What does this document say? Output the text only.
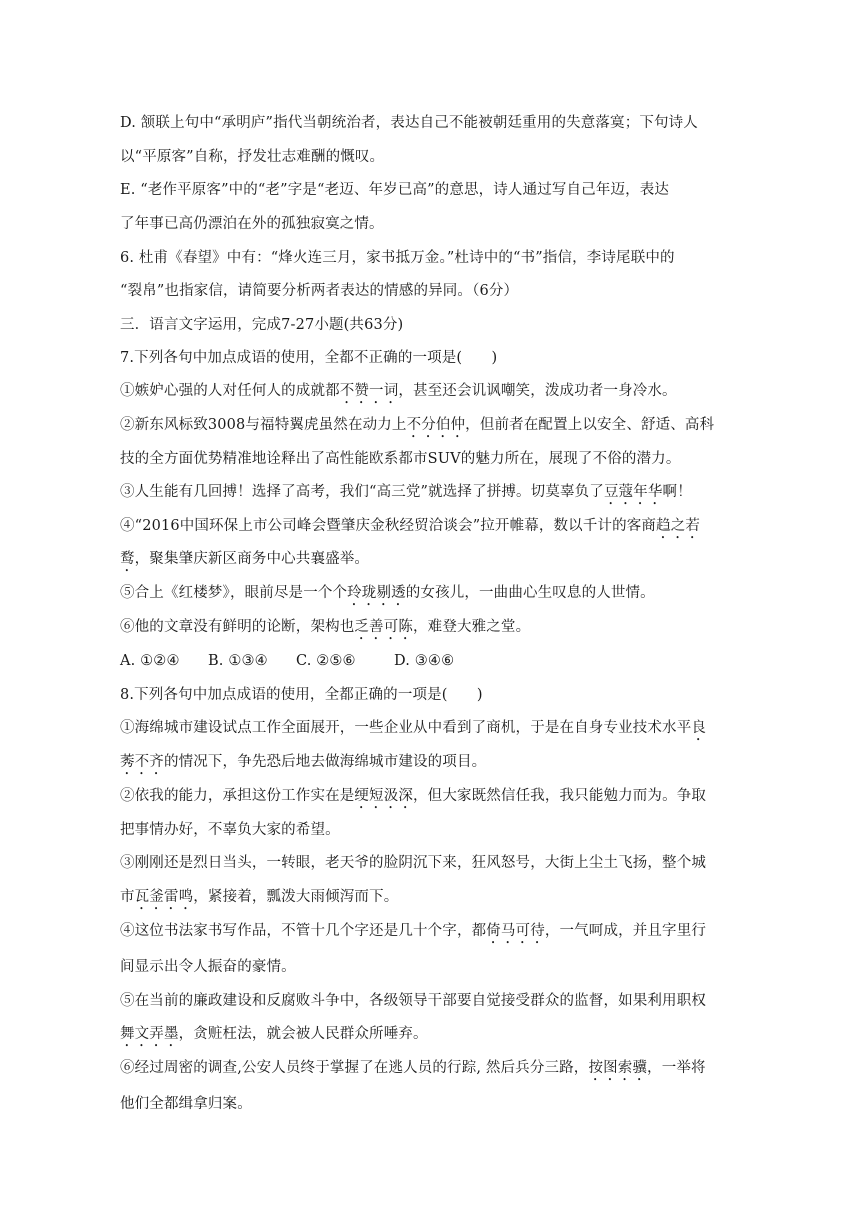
D. 颔联上句中“承明庐”指代当朝统治者，表达自己不能被朝廷重用的失意落寞；下句诗人
以“平原客”自称，抒发壮志难酬的慨叹。
E. “老作平原客”中的“老”字是“老迈、年岁已高”的意思，诗人通过写自己年迈，表达
了年事已高仍漂泊在外的孤独寂寞之情。
6. 杜甫《春望》中有：“烽火连三月，家书抵万金。”杜诗中的“书”指信，李诗尾联中的
“裂帛”也指家信，请简要分析两者表达的情感的异同。（6分）
三．语言文字运用，完成7-27小题(共63分)
7.下列各句中加点成语的使用，全都不正确的一项是(　　)
①嫉妒心强的人对任何人的成就都不赞一词，甚至还会讥讽嘲笑，泼成功者一身冷水。
②新东风标致3008与福特翼虎虽然在动力上不分伯仲，但前者在配置上以安全、舒适、高科
技的全方面优势精准地诠释出了高性能欧系都市SUV的魅力所在，展现了不俗的潜力。
③人生能有几回搏！选择了高考，我们“高三党”就选择了拼搏。切莫辜负了豆蔻年华啊！
④“2016中国环保上市公司峰会暨肇庆金秋经贸洽谈会”拉开帷幕，数以千计的客商趋之若
鹜，聚集肇庆新区商务中心共襄盛举。
⑤合上《红楼梦》，眼前尽是一个个玲珑剔透的女孩儿，一曲曲心生叹息的人世情。
⑥他的文章没有鲜明的论断，架构也乏善可陈，难登大雅之堂。
A. ①②④ B. ①③④ C. ②⑤⑥	D. ③④⑥
8.下列各句中加点成语的使用，全都正确的一项是(　　)
①海绵城市建设试点工作全面展开，一些企业从中看到了商机，于是在自身专业技术水平良
莠不齐的情况下，争先恐后地去做海绵城市建设的项目。
②依我的能力，承担这份工作实在是绠短汲深，但大家既然信任我，我只能勉力而为。争取
把事情办好，不辜负大家的希望。
③刚刚还是烈日当头，一转眼，老天爷的脸阴沉下来，狂风怒号，大街上尘土飞扬，整个城
市瓦釜雷鸣，紧接着，瓢泼大雨倾泻而下。
④这位书法家书写作品，不管十几个字还是几十个字，都倚马可待，一气呵成，并且字里行
间显示出令人振奋的豪情。
⑤在当前的廉政建设和反腐败斗争中，各级领导干部要自觉接受群众的监督，如果利用职权
舞文弄墨，贪赃枉法，就会被人民群众所唾弃。
⑥经过周密的调查,公安人员终于掌握了在逃人员的行踪, 然后兵分三路，按图索骥，一举将
他们全都缉拿归案。
